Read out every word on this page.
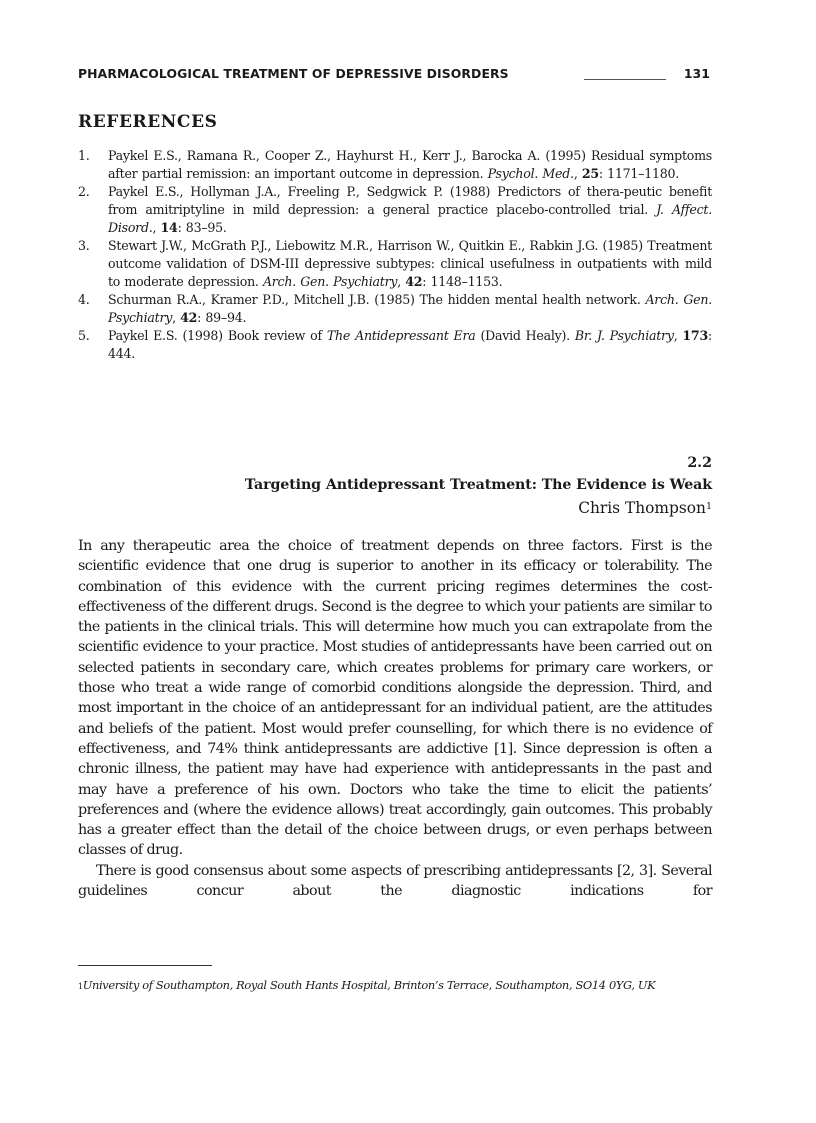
PHARMACOLOGICAL TREATMENT OF DEPRESSIVE DISORDERS	131
REFERENCES
1. Paykel E.S., Ramana R., Cooper Z., Hayhurst H., Kerr J., Barocka A. (1995) Residual symptoms after partial remission: an important outcome in depression. Psychol. Med., 25: 1171–1180.
2. Paykel E.S., Hollyman J.A., Freeling P., Sedgwick P. (1988) Predictors of thera-peutic benefit from amitriptyline in mild depression: a general practice placebo-controlled trial. J. Affect. Disord., 14: 83–95.
3. Stewart J.W., McGrath P.J., Liebowitz M.R., Harrison W., Quitkin E., Rabkin J.G. (1985) Treatment outcome validation of DSM-III depressive subtypes: clinical usefulness in outpatients with mild to moderate depression. Arch. Gen. Psychiatry, 42: 1148–1153.
4. Schurman R.A., Kramer P.D., Mitchell J.B. (1985) The hidden mental health network. Arch. Gen. Psychiatry, 42: 89–94.
5. Paykel E.S. (1998) Book review of The Antidepressant Era (David Healy). Br. J. Psychiatry, 173: 444.
2.2
Targeting Antidepressant Treatment: The Evidence is Weak
Chris Thompson$^1$

In any therapeutic area the choice of treatment depends on three factors. First is the scientific evidence that one drug is superior to another in its efficacy or tolerability. The combination of this evidence with the current pricing regimes determines the cost-effectiveness of the different drugs. Second is the degree to which your patients are similar to the patients in the clinical trials. This will determine how much you can extrapolate from the scientific evidence to your practice. Most studies of antidepressants have been carried out on selected patients in secondary care, which creates problems for primary care workers, or those who treat a wide range of comorbid conditions alongside the depression. Third, and most important in the choice of an antidepressant for an individual patient, are the attitudes and beliefs of the patient. Most would prefer counselling, for which there is no evidence of effectiveness, and 74% think antidepressants are addictive [1]. Since depression is often a chronic illness, the patient may have had experience with antidepressants in the past and may have a preference of his own. Doctors who take the time to elicit the patients’ preferences and (where the evidence allows) treat accordingly, gain outcomes. This probably has a greater effect than the detail of the choice between drugs, or even perhaps between classes of drug.

There is good consensus about some aspects of prescribing antidepressants [2, 3]. Several guidelines concur about the diagnostic indications for

$^1$University of Southampton, Royal South Hants Hospital, Brinton’s Terrace, Southampton, SO14 0YG, UK
